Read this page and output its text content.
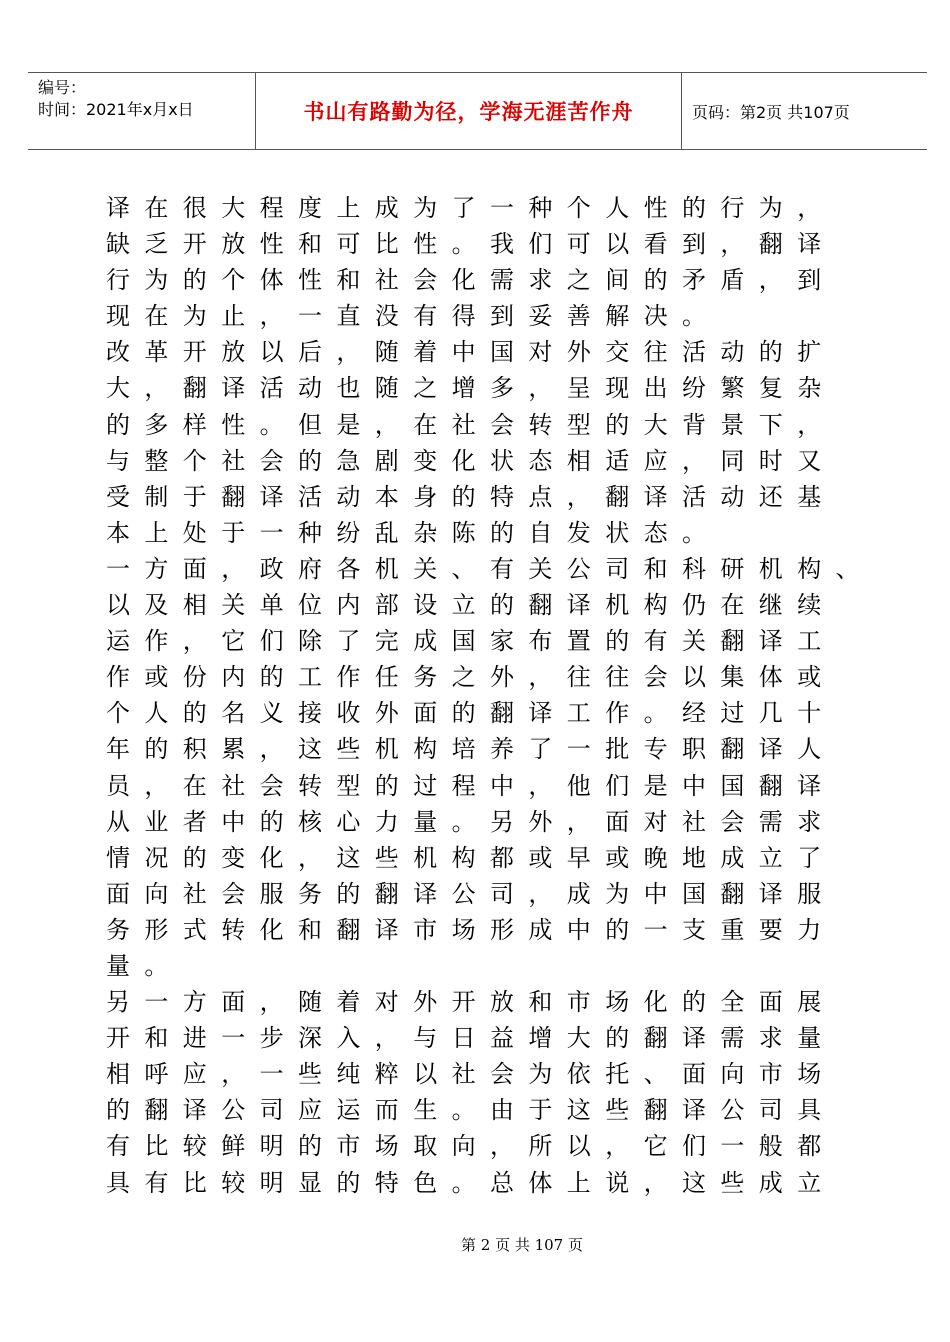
编号：
时间：2021年x月x日	书山有路勤为径，学海无涯苦作舟	页码：第2页 共107页
译在很大程度上成为了一种个人性的行为，
缺乏开放性和可比性。我们可以看到，翻译
行为的个体性和社会化需求之间的矛盾，到
现在为止，一直没有得到妥善解决。
改革开放以后，随着中国对外交往活动的扩
大，翻译活动也随之增多，呈现出纷繁复杂
的多样性。但是，在社会转型的大背景下，
与整个社会的急剧变化状态相适应，同时又
受制于翻译活动本身的特点，翻译活动还基
本上处于一种纷乱杂陈的自发状态。
一方面，政府各机关、有关公司和科研机构、
以及相关单位内部设立的翻译机构仍在继续
运作，它们除了完成国家布置的有关翻译工
作或份内的工作任务之外，往往会以集体或
个人的名义接收外面的翻译工作。经过几十
年的积累，这些机构培养了一批专职翻译人
员，在社会转型的过程中，他们是中国翻译
从业者中的核心力量。另外，面对社会需求
情况的变化，这些机构都或早或晚地成立了
面向社会服务的翻译公司，成为中国翻译服
务形式转化和翻译市场形成中的一支重要力
量。
另一方面，随着对外开放和市场化的全面展
开和进一步深入，与日益增大的翻译需求量
相呼应，一些纯粹以社会为依托、面向市场
的翻译公司应运而生。由于这些翻译公司具
有比较鲜明的市场取向，所以，它们一般都
具有比较明显的特色。总体上说，这些成立
第 2 页 共 107 页
